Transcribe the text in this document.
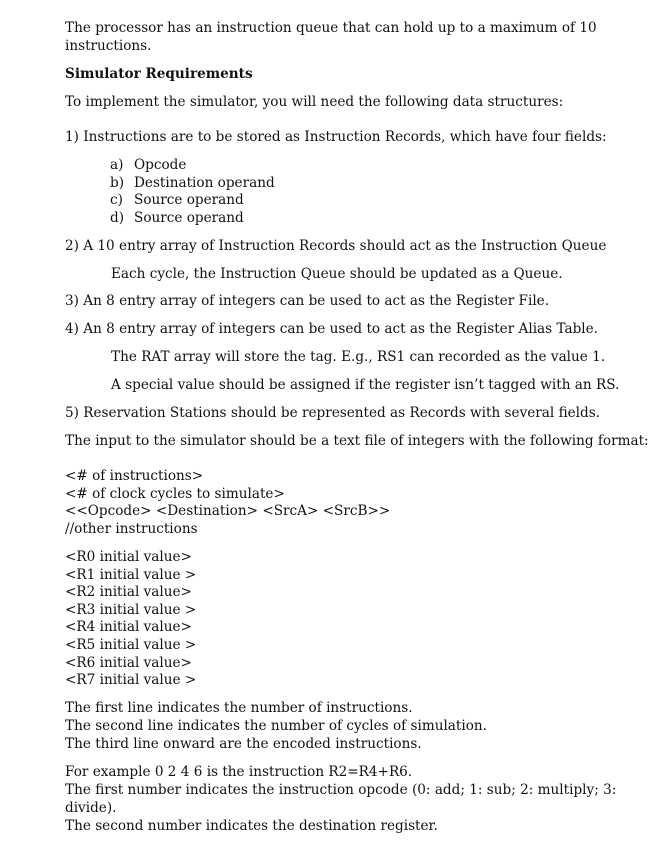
The processor has an instruction queue that can hold up to a maximum of 10

instructions.

Simulator Requirements

To implement the simulator, you will need the following data structures:

1) Instructions are to be stored as Instruction Records, which have four fields:

a) Opcode

b) Destination operand

c) Source operand

d) Source operand

2) A 10 entry array of Instruction Records should act as the Instruction Queue

Each cycle, the Instruction Queue should be updated as a Queue.

3) An 8 entry array of integers can be used to act as the Register File.

4) An 8 entry array of integers can be used to act as the Register Alias Table.

The RAT array will store the tag. E.g., RS1 can recorded as the value 1.

A special value should be assigned if the register isn’t tagged with an RS.

5) Reservation Stations should be represented as Records with several fields.

The input to the simulator should be a text file of integers with the following format:

<# of instructions>

<# of clock cycles to simulate>

<<Opcode> <Destination> <SrcA> <SrcB>>

//other instructions

<R0 initial value>

<R1 initial value >

<R2 initial value>

<R3 initial value >

<R4 initial value>

<R5 initial value >

<R6 initial value>

<R7 initial value >

The first line indicates the number of instructions.

The second line indicates the number of cycles of simulation.

The third line onward are the encoded instructions.

For example 0 2 4 6 is the instruction R2=R4+R6.

The first number indicates the instruction opcode (0: add; 1: sub; 2: multiply; 3:

divide).

The second number indicates the destination register.
